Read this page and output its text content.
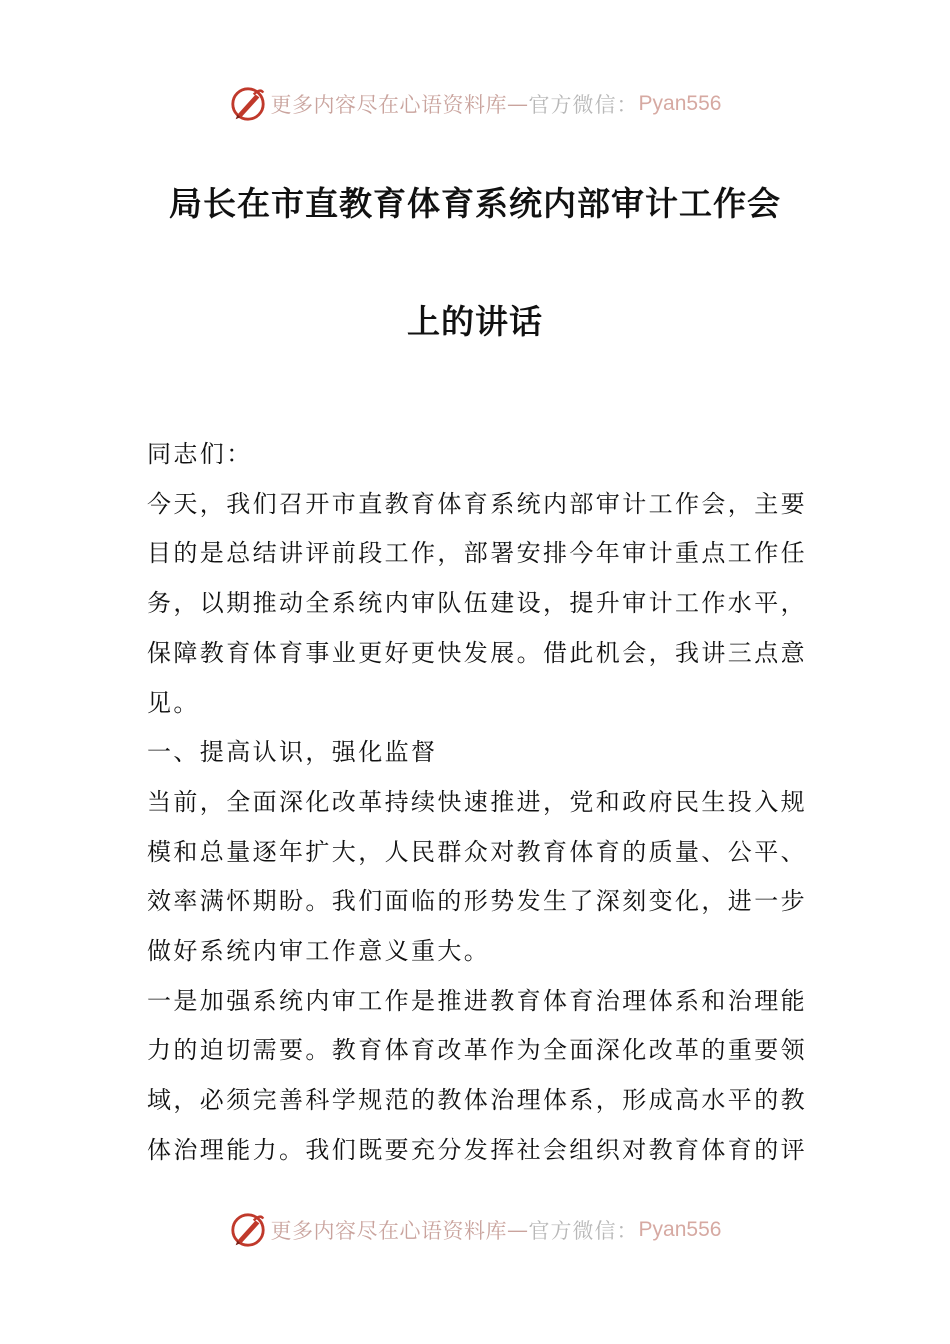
更多内容尽在心语资料库 — 官方微信： Pyan556
局长在市直教育体育系统内部审计工作会
上的讲话

同志们：

今天，我们召开市直教育体育系统内部审计工作会，主要目的是总结讲评前段工作，部署安排今年审计重点工作任务，以期推动全系统内审队伍建设，提升审计工作水平，保障教育体育事业更好更快发展。借此机会，我讲三点意见。

一、提高认识，强化监督

当前，全面深化改革持续快速推进，党和政府民生投入规模和总量逐年扩大，人民群众对教育体育的质量、公平、效率满怀期盼。我们面临的形势发生了深刻变化，进一步做好系统内审工作意义重大。

一是加强系统内审工作是推进教育体育治理体系和治理能力的迫切需要。教育体育改革作为全面深化改革的重要领域，必须完善科学规范的教体治理体系，形成高水平的教体治理能力。我们既要充分发挥社会组织对教育体育的评

更多内容尽在心语资料库 — 官方微信： Pyan556
